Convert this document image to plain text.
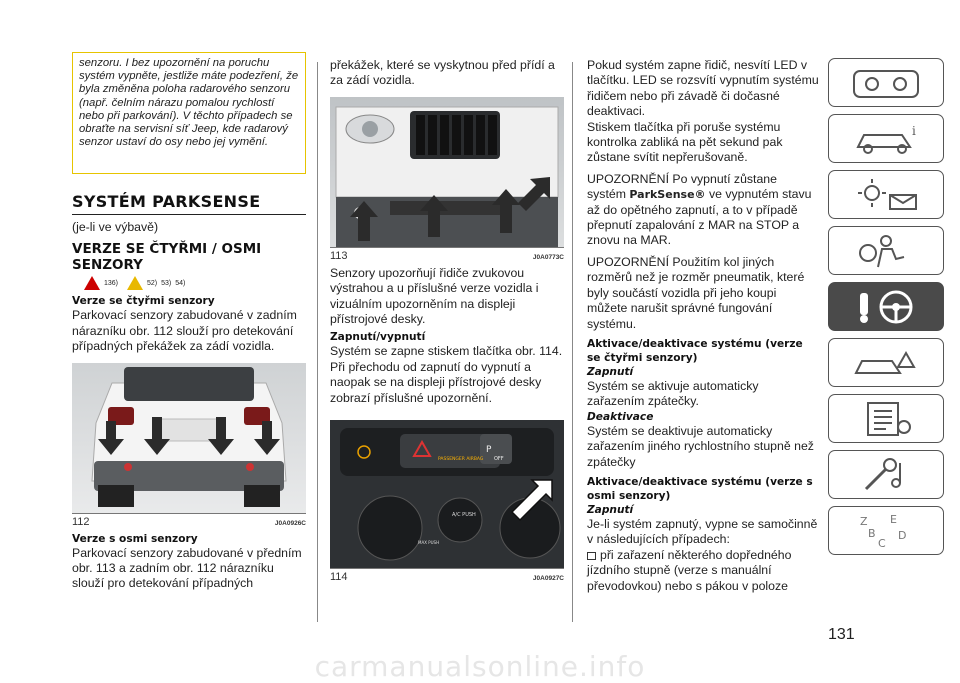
senzoru. I bez upozornění na poruchu systém vypněte, jestliže máte podezření, že byla změněna poloha radarového senzoru (např. čelním nárazu pomalou rychlostí nebo při parkování). V těchto případech se obraťte na servisní síť Jeep, kde radarový senzor ustaví do osy nebo jej vymění.
SYSTÉM PARKSENSE

(je-li ve výbavě)

VERZE SE ČTYŘMI / OSMI
SENZORY
136)	52) 53) 54)
Verze se čtyřmi senzory

Parkovací senzory zabudované v zadním nárazníku obr. 112 slouží pro detekování případných překážek za zádí vozidla.

112	J0A0926C
Verze s osmi senzory

Parkovací senzory zabudované v předním obr. 113 a zadním obr. 112 nárazníku slouží pro detekování případných

překážek, které se vyskytnou před přídí a za zádí vozidla.

113	J0A0773C

Senzory upozorňují řidiče zvukovou výstrahou a u příslušné verze vozidla i vizuálním upozorněním na displeji přístrojové desky.

Zapnutí/vypnutí

Systém se zapne stiskem tlačítka obr. 114.

Při přechodu od zapnutí do vypnutí a naopak se na displeji přístrojové desky zobrazí příslušné upozornění.

P
OFF
PASSENGER AIRBAG
A/C PUSH
MAX PUSH
114	J0A0927C

Pokud systém zapne řidič, nesvítí LED v tlačítku. LED se rozsvítí vypnutím systému řidičem nebo při závadě či dočasné deaktivaci.

Stiskem tlačítka při poruše systému kontrolka zabliká na pět sekund pak zůstane svítit nepřerušovaně.

UPOZORNĚNÍ Po vypnutí zůstane systém ParkSense® ve vypnutém stavu až do opětného zapnutí, a to v případě přepnutí zapalování z MAR na STOP a znovu na MAR.

UPOZORNĚNÍ Použitím kol jiných rozměrů než je rozměr pneumatik, které byly součástí vozidla při jeho koupi můžete narušit správné fungování systému.

Aktivace/deaktivace systému (verze se čtyřmi senzory)
Zapnutí

Systém se aktivuje automaticky zařazením zpátečky.

Deaktivace

Systém se deaktivuje automaticky zařazením jiného rychlostního stupně než zpátečky

Aktivace/deaktivace systému (verze s osmi senzory)
Zapnutí

Je-li systém zapnutý, vypne se samočinně v následujících případech:

při zařazení některého dopředného jízdního stupně (verze s manuální převodovkou) nebo s pákou v poloze

i
Z E
B D
C
131
carmanualsonline.info
